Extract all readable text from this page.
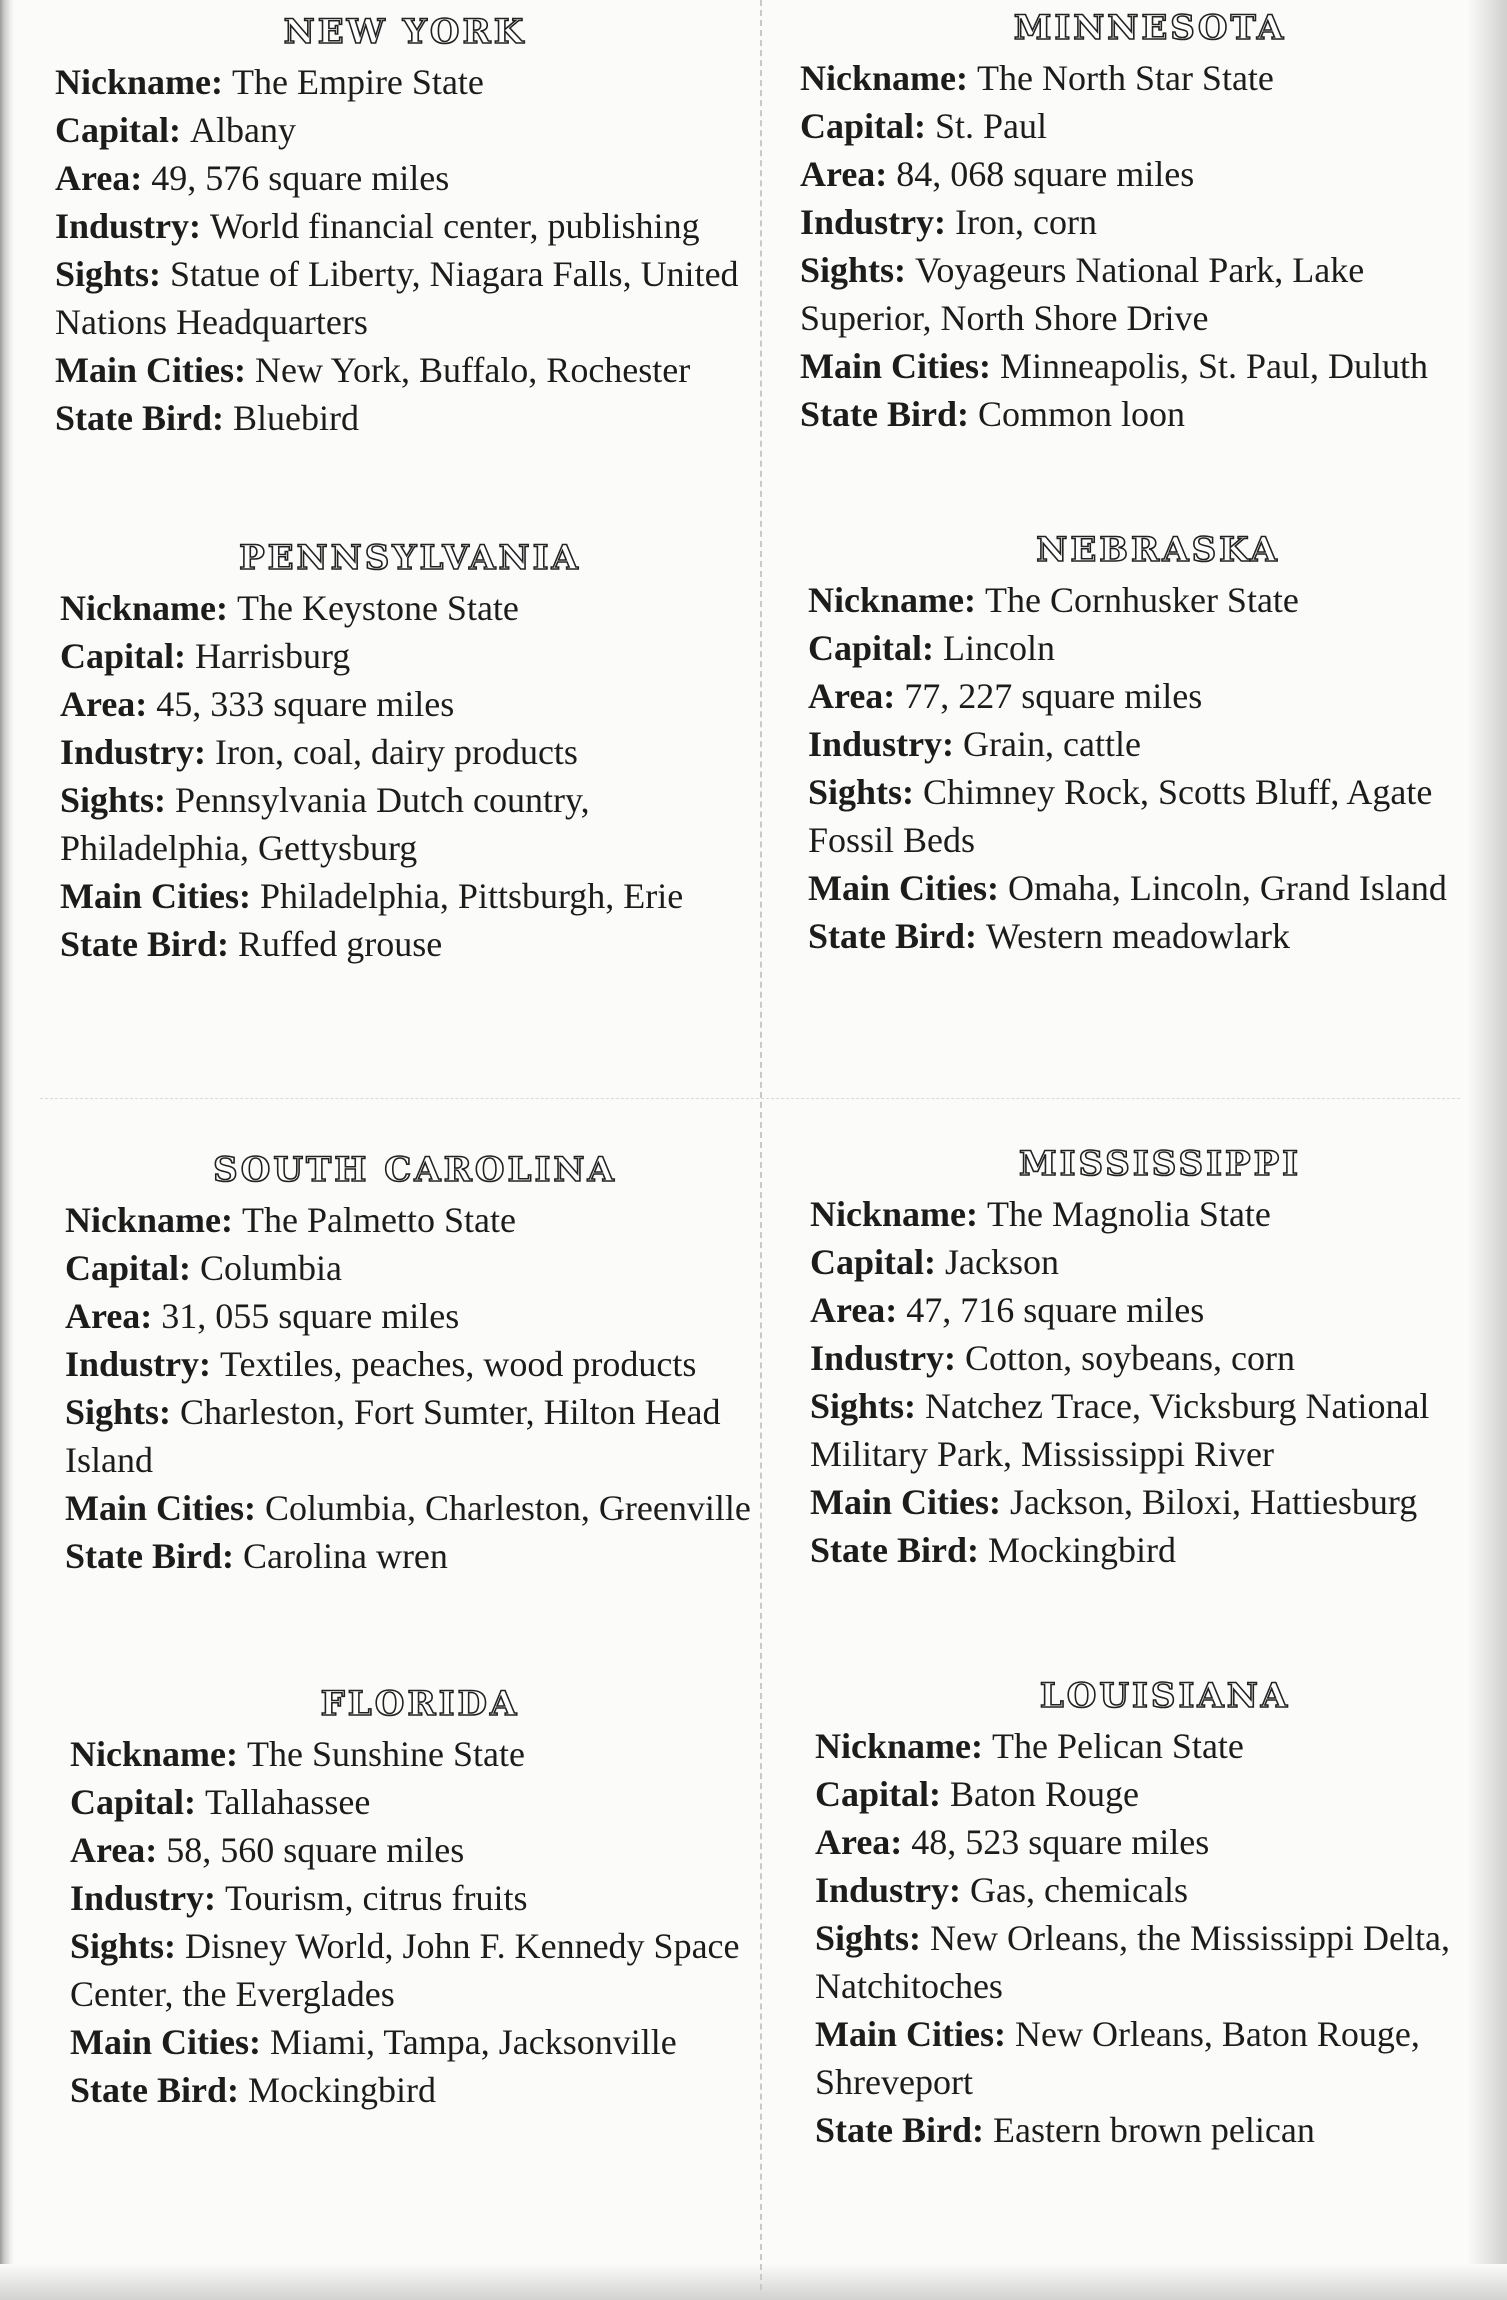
NEW YORK
Nickname: The Empire State
Capital: Albany
Area: 49, 576 square miles
Industry: World financial center, publishing
Sights: Statue of Liberty, Niagara Falls, United Nations Headquarters
Main Cities: New York, Buffalo, Rochester
State Bird: Bluebird
MINNESOTA
Nickname: The North Star State
Capital: St. Paul
Area: 84, 068 square miles
Industry: Iron, corn
Sights: Voyageurs National Park, Lake Superior, North Shore Drive
Main Cities: Minneapolis, St. Paul, Duluth
State Bird: Common loon
PENNSYLVANIA
Nickname: The Keystone State
Capital: Harrisburg
Area: 45, 333 square miles
Industry: Iron, coal, dairy products
Sights: Pennsylvania Dutch country, Philadelphia, Gettysburg
Main Cities: Philadelphia, Pittsburgh, Erie
State Bird: Ruffed grouse
NEBRASKA
Nickname: The Cornhusker State
Capital: Lincoln
Area: 77, 227 square miles
Industry: Grain, cattle
Sights: Chimney Rock, Scotts Bluff, Agate Fossil Beds
Main Cities: Omaha, Lincoln, Grand Island
State Bird: Western meadowlark
SOUTH CAROLINA
Nickname: The Palmetto State
Capital: Columbia
Area: 31, 055 square miles
Industry: Textiles, peaches, wood products
Sights: Charleston, Fort Sumter, Hilton Head Island
Main Cities: Columbia, Charleston, Greenville
State Bird: Carolina wren
MISSISSIPPI
Nickname: The Magnolia State
Capital: Jackson
Area: 47, 716 square miles
Industry: Cotton, soybeans, corn
Sights: Natchez Trace, Vicksburg National Military Park, Mississippi River
Main Cities: Jackson, Biloxi, Hattiesburg
State Bird: Mockingbird
FLORIDA
Nickname: The Sunshine State
Capital: Tallahassee
Area: 58, 560 square miles
Industry: Tourism, citrus fruits
Sights: Disney World, John F. Kennedy Space Center, the Everglades
Main Cities: Miami, Tampa, Jacksonville
State Bird: Mockingbird
LOUISIANA
Nickname: The Pelican State
Capital: Baton Rouge
Area: 48, 523 square miles
Industry: Gas, chemicals
Sights: New Orleans, the Mississippi Delta, Natchitoches
Main Cities: New Orleans, Baton Rouge, Shreveport
State Bird: Eastern brown pelican
